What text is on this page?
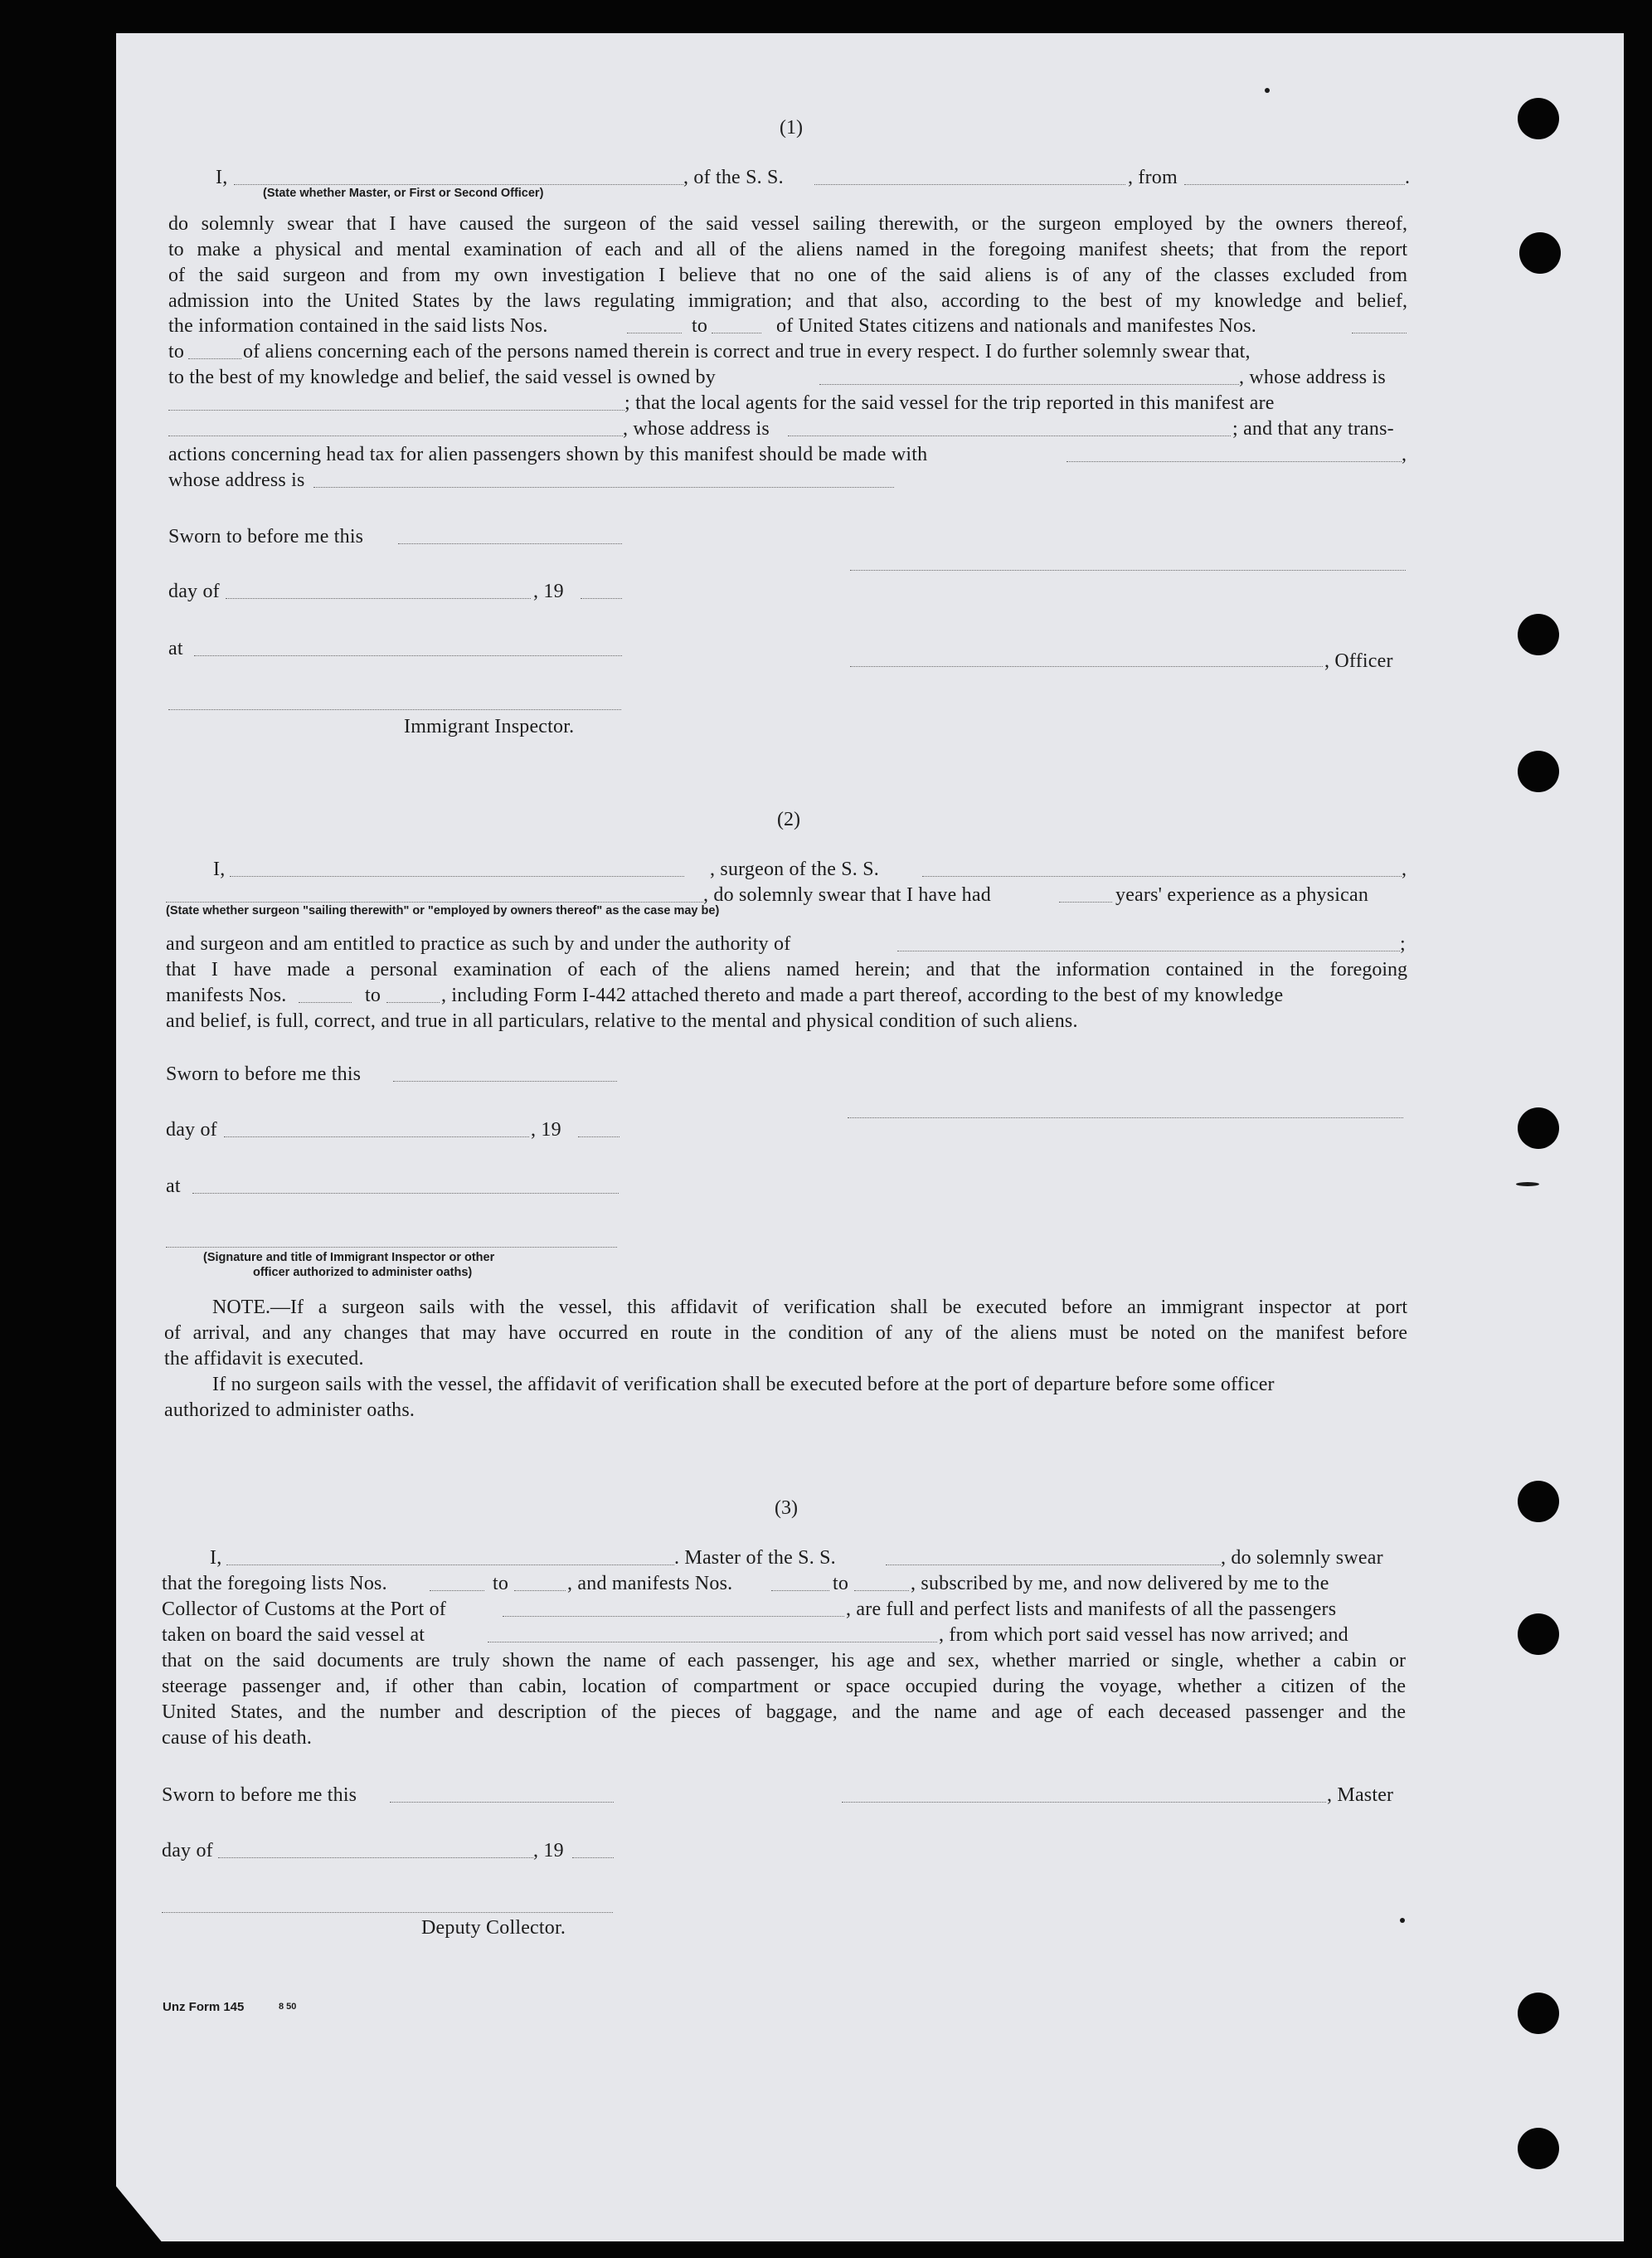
(1)
I,
(State whether Master, or First or Second Officer)
, of the S. S.	, from	.
do solemnly swear that I have caused the surgeon of the said vessel sailing therewith, or the surgeon employed by the owners thereof,
to make a physical and mental examination of each and all of the aliens named in the foregoing manifest sheets; that from the report
of the said surgeon and from my own investigation I believe that no one of the said aliens is of any of the classes excluded from
admission into the United States by the laws regulating immigration; and that also, according to the best of my knowledge and belief,
the information contained in the said lists Nos.	to	of United States citizens and nationals and manifestes Nos.
to	of aliens concerning each of the persons named therein is correct and true in every respect. I do further solemnly swear that,
to the best of my knowledge and belief, the said vessel is owned by	, whose address is
; that the local agents for the said vessel for the trip reported in this manifest are
, whose address is	; and that any trans-
actions concerning head tax for alien passengers shown by this manifest should be made with	,
whose address is
Sworn to before me this
day of	, 19
at
, Officer
Immigrant Inspector.
(2)
I,	, surgeon of the S. S.	,
, do solemnly swear that I have had	years' experience as a physican
(State whether surgeon "sailing therewith" or "employed by owners thereof" as the case may be)
and surgeon and am entitled to practice as such by and under the authority of	;
that I have made a personal examination of each of the aliens named herein; and that the information contained in the foregoing
manifests Nos.	to	, including Form I-442 attached thereto and made a part thereof, according to the best of my knowledge
and belief, is full, correct, and true in all particulars, relative to the mental and physical condition of such aliens.
Sworn to before me this
day of	, 19
at
(Signature and title of Immigrant Inspector or other
officer authorized to administer oaths)
NOTE.—If a surgeon sails with the vessel, this affidavit of verification shall be executed before an immigrant inspector at port
of arrival, and any changes that may have occurred en route in the condition of any of the aliens must be noted on the manifest before
the affidavit is executed.
If no surgeon sails with the vessel, the affidavit of verification shall be executed before at the port of departure before some officer
authorized to administer oaths.
(3)
I,	. Master of the S. S.	, do solemnly swear
that the foregoing lists Nos.	to	, and manifests Nos.	to	, subscribed by me, and now delivered by me to the
Collector of Customs at the Port of	, are full and perfect lists and manifests of all the passengers
taken on board the said vessel at	, from which port said vessel has now arrived; and
that on the said documents are truly shown the name of each passenger, his age and sex, whether married or single, whether a cabin or
steerage passenger and, if other than cabin, location of compartment or space occupied during the voyage, whether a citizen of the
United States, and the number and description of the pieces of baggage, and the name and age of each deceased passenger and the
cause of his death.
Sworn to before me this	, Master
day of	, 19
Deputy Collector.
Unz Form 145	8 50
